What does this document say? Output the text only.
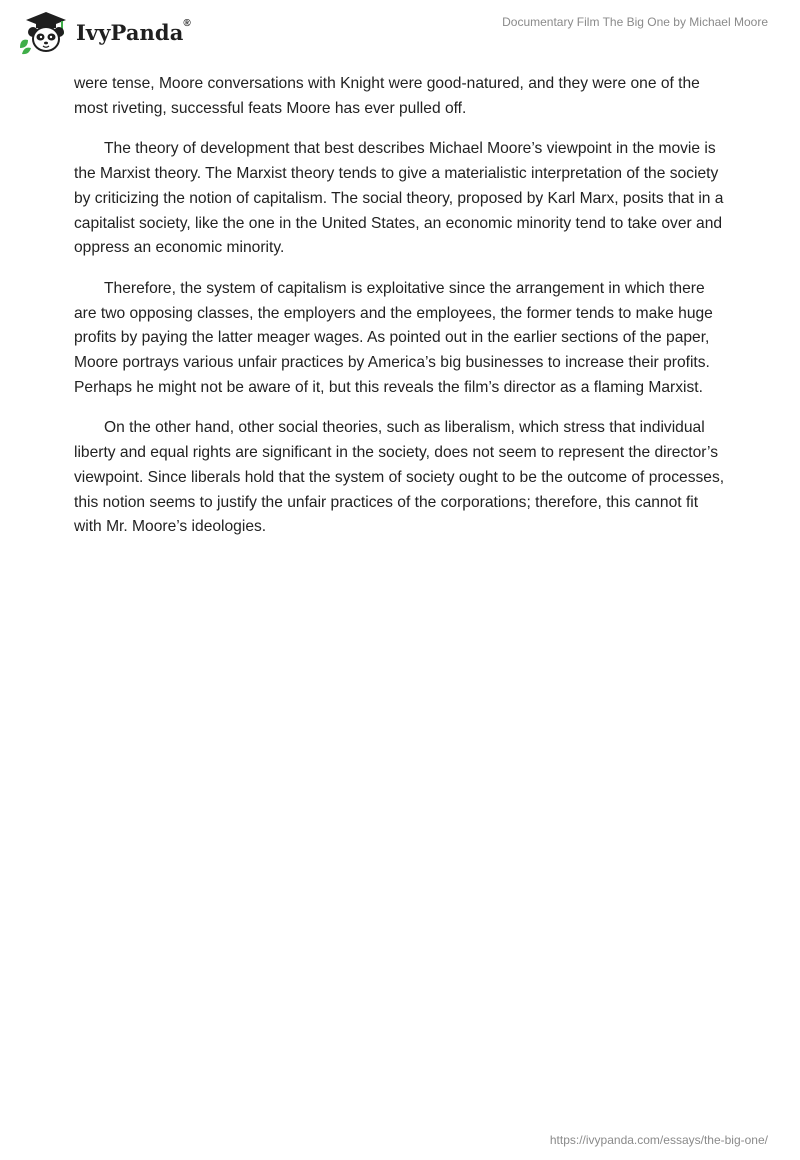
IvyPanda®	Documentary Film The Big One by Michael Moore

were tense, Moore conversations with Knight were good-natured, and they were one of the most riveting, successful feats Moore has ever pulled off.

The theory of development that best describes Michael Moore’s viewpoint in the movie is the Marxist theory. The Marxist theory tends to give a materialistic interpretation of the society by criticizing the notion of capitalism. The social theory, proposed by Karl Marx, posits that in a capitalist society, like the one in the United States, an economic minority tend to take over and oppress an economic minority.

Therefore, the system of capitalism is exploitative since the arrangement in which there are two opposing classes, the employers and the employees, the former tends to make huge profits by paying the latter meager wages. As pointed out in the earlier sections of the paper, Moore portrays various unfair practices by America’s big businesses to increase their profits. Perhaps he might not be aware of it, but this reveals the film’s director as a flaming Marxist.

On the other hand, other social theories, such as liberalism, which stress that individual liberty and equal rights are significant in the society, does not seem to represent the director’s viewpoint. Since liberals hold that the system of society ought to be the outcome of processes, this notion seems to justify the unfair practices of the corporations; therefore, this cannot fit with Mr. Moore’s ideologies.

https://ivypanda.com/essays/the-big-one/
